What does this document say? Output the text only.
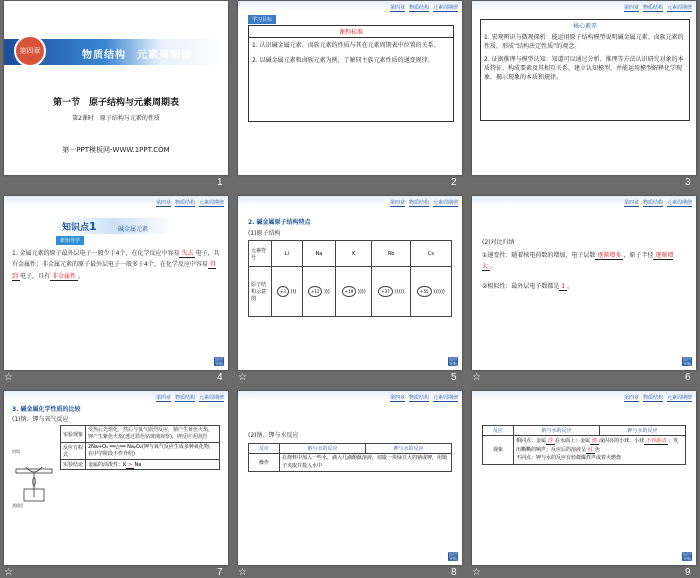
第四章	物质结构　元素周期律
第一节　原子结构与元素周期表
第2课时　原子结构与元素的性质
第一PPT模板网-WWW.1PPT.COM
1
第四章 物质结构 元素周期律
学习目标
课程标准
1. 认识碱金属元素、卤族元素的性质与其在元素周期表中位置的关系。
2. 以碱金属元素和卤族元素为例，了解同主族元素性质的递变规律。
2
第四章 物质结构 元素周期律
核心素养
1. 宏观辨识与微观探析：能运用原子结构模型说明碱金属元素、卤族元素的性质，形成“结构决定性质”的观念。
2. 证据推理与模型认知：知道可以通过分析、推理等方法认识研究对象的本质特征、构成要素及其相互关系，建立认知模型，并能运用模型解释化学现象，揭示现象的本质和规律。
3
第四章 物质结构 元素周期律
知识点1	碱金属元素
新知导学
1. 金属元素的原子最外层电子一般少于4个，在化学反应中容易 失去 电子，具有金属性；非金属元素的原子最外层电子一般多于4个，在化学反应中容易 得到 电子，具有 非金属性 。
返回导航
4
☆
第四章 物质结构 元素周期律
2. 碱金属原子结构特点
(1)原子结构
元素符号	Li	Na	K	Rb	Cs
原子结构示意图	+3 )))	+11 )))	+19 ))))	+37 )))))	+55 ))))))
返回导航
5
☆
第四章 物质结构 元素周期律
(2)对比归纳
①递变性：随着核电荷数的增加，电子层数 逐渐增多 ，原子半径 逐渐增大 。
②相似性：最外层电子数都是 1 。
返回导航
6
☆
第四章 物质结构 元素周期律
3. 碱金属化学性质的比较
(1)钠、钾与氧气反应
坩埚
酒精灯
实验现象	受热后先熔化，然后与氧气剧烈反应，钠产生黄色火焰，钾产生紫色火焰(透过蓝色钴玻璃观察)，钾反应更剧烈
反应方程式	2Na+O₂ ══△══ Na₂O₂(钾与氧气反应生成多种氧化物，在中学阶段不作介绍)
实验结论	金属的活泼性：K > Na
7
☆
第四章 物质结构 元素周期律
(2)钠、钾与水反应
反应	钠与水的反应	钾与水的反应
操作	在烧杯中加入一些水，滴入几滴酚酞溶液，切取一块绿豆大的钠或钾，用镊子夹取并投入水中	
返回导航
8
☆
第四章 物质结构 元素周期律
反应	钠与水的反应	钾与水的反应
现象	相同点：金属 浮 在水面上；金属 熔 成闪亮的小球，小球 不停游动 ；发出嘶嘶的响声；反应后的溶液呈 红 色
不同点：钾与水的反应有轻微爆炸声或着火燃烧	
返回导航
9
☆
